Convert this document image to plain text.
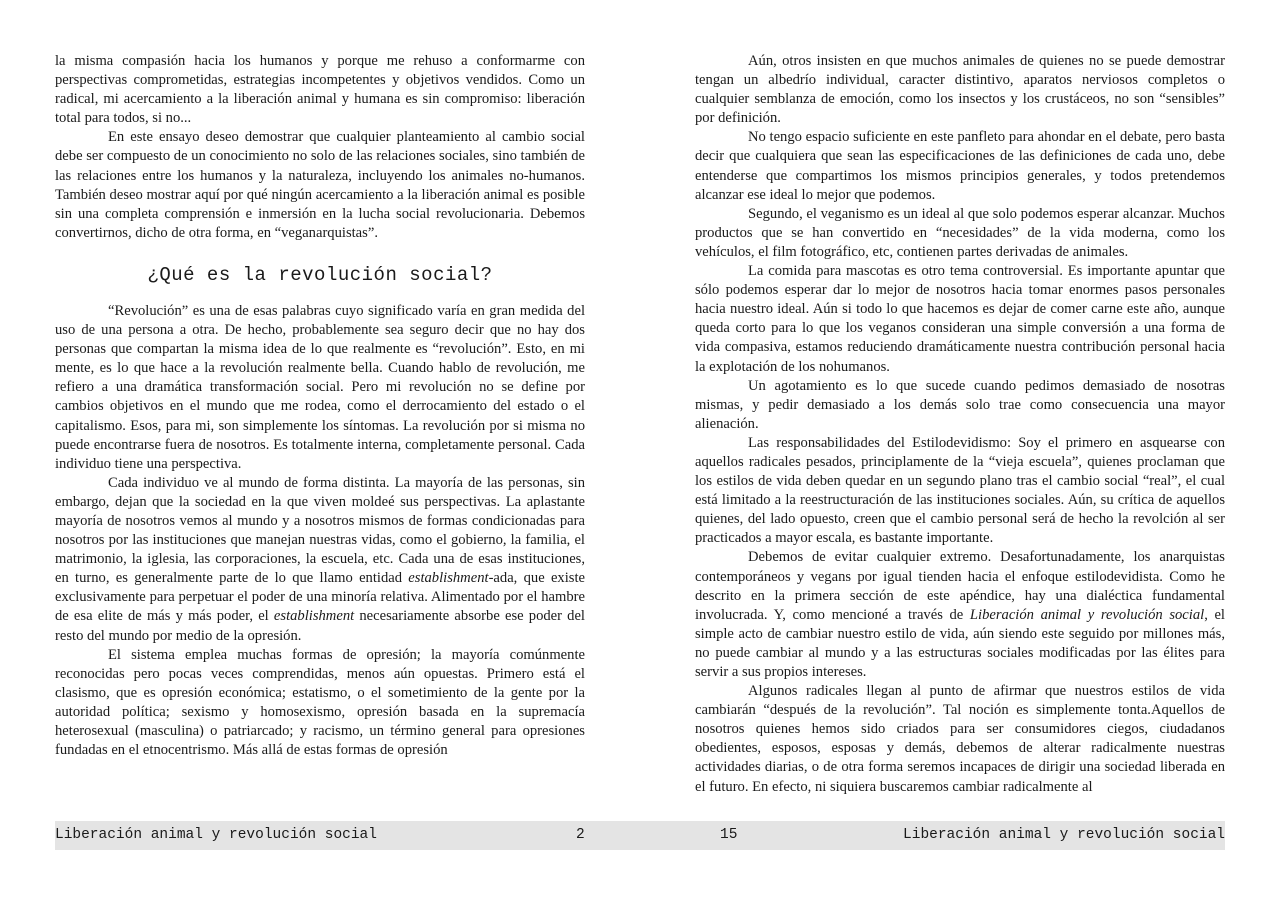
la misma compasión hacia los humanos y porque me rehuso a conformarme con perspectivas comprometidas, estrategias incompetentes y objetivos vendidos. Como un radical, mi acercamiento a la liberación animal y humana es sin compromiso: liberación total para todos, si no...

En este ensayo deseo demostrar que cualquier planteamiento al cambio social debe ser compuesto de un conocimiento no solo de las relaciones sociales, sino también de las relaciones entre los humanos y la naturaleza, incluyendo los animales no-humanos. También deseo mostrar aquí por qué ningún acercamiento a la liberación animal es posible sin una completa comprensión e inmersión en la lucha social revolucionaria. Debemos convertirnos, dicho de otra forma, en “veganarquistas”.

¿Qué es la revolución social?

“Revolución” es una de esas palabras cuyo significado varía en gran medida del uso de una persona a otra. De hecho, probablemente sea seguro decir que no hay dos personas que compartan la misma idea de lo que realmente es “revolución”. Esto, en mi mente, es lo que hace a la revolución realmente bella. Cuando hablo de revolución, me refiero a una dramática transformación social. Pero mi revolución no se define por cambios objetivos en el mundo que me rodea, como el derrocamiento del estado o el capitalismo. Esos, para mi, son simplemente los síntomas. La revolución por si misma no puede encontrarse fuera de nosotros. Es totalmente interna, completamente personal. Cada individuo tiene una perspectiva.

Cada individuo ve al mundo de forma distinta. La mayoría de las personas, sin embargo, dejan que la sociedad en la que viven moldeé sus perspectivas. La aplastante mayoría de nosotros vemos al mundo y a nosotros mismos de formas condicionadas para nosotros por las instituciones que manejan nuestras vidas, como el gobierno, la familia, el matrimonio, la iglesia, las corporaciones, la escuela, etc. Cada una de esas instituciones, en turno, es generalmente parte de lo que llamo entidad establishment-ada, que existe exclusivamente para perpetuar el poder de una minoría relativa. Alimentado por el hambre de esa elite de más y más poder, el establishment necesariamente absorbe ese poder del resto del mundo por medio de la opresión.

El sistema emplea muchas formas de opresión; la mayoría comúnmente reconocidas pero pocas veces comprendidas, menos aún opuestas. Primero está el clasismo, que es opresión económica; estatismo, o el sometimiento de la gente por la autoridad política; sexismo y homosexismo, opresión basada en la supremacía heterosexual (masculina) o patriarcado; y racismo, un término general para opresiones fundadas en el etnocentrismo. Más allá de estas formas de opresión

Aún, otros insisten en que muchos animales de quienes no se puede demostrar tengan un albedrío individual, caracter distintivo, aparatos nerviosos completos o cualquier semblanza de emoción, como los insectos y los crustáceos, no son “sensibles” por definición.

No tengo espacio suficiente en este panfleto para ahondar en el debate, pero basta decir que cualquiera que sean las especificaciones de las definiciones de cada uno, debe entenderse que compartimos los mismos principios generales, y todos pretendemos alcanzar ese ideal lo mejor que podemos.

Segundo, el veganismo es un ideal al que solo podemos esperar alcanzar. Muchos productos que se han convertido en “necesidades” de la vida moderna, como los vehículos, el film fotográfico, etc, contienen partes derivadas de animales.

La comida para mascotas es otro tema controversial. Es importante apuntar que sólo podemos esperar dar lo mejor de nosotros hacia tomar enormes pasos personales hacia nuestro ideal. Aún si todo lo que hacemos es dejar de comer carne este año, aunque queda corto para lo que los veganos consideran una simple conversión a una forma de vida compasiva, estamos reduciendo dramáticamente nuestra contribución personal hacia la explotación de los nohumanos.

Un agotamiento es lo que sucede cuando pedimos demasiado de nosotras mismas, y pedir demasiado a los demás solo trae como consecuencia una mayor alienación.

Las responsabilidades del Estilodevidismo: Soy el primero en asquearse con aquellos radicales pesados, principlamente de la “vieja escuela”, quienes proclaman que los estilos de vida deben quedar en un segundo plano tras el cambio social “real”, el cual está limitado a la reestructuración de las instituciones sociales. Aún, su crítica de aquellos quienes, del lado opuesto, creen que el cambio personal será de hecho la revolción al ser practicados a mayor escala, es bastante importante.

Debemos de evitar cualquier extremo. Desafortunadamente, los anarquistas contemporáneos y vegans por igual tienden hacia el enfoque estilodevidista. Como he descrito en la primera sección de este apéndice, hay una dialéctica fundamental involucrada. Y, como mencioné a través de Liberación animal y revolución social, el simple acto de cambiar nuestro estilo de vida, aún siendo este seguido por millones más, no puede cambiar al mundo y a las estructuras sociales modificadas por las élites para servir a sus propios intereses.

Algunos radicales llegan al punto de afirmar que nuestros estilos de vida cambiarán “después de la revolución”. Tal noción es simplemente tonta.Aquellos de nosotros quienes hemos sido criados para ser consumidores ciegos, ciudadanos obedientes, esposos, esposas y demás, debemos de alterar radicalmente nuestras actividades diarias, o de otra forma seremos incapaces de dirigir una sociedad liberada en el futuro. En efecto, ni siquiera buscaremos cambiar radicalmente al

Liberación animal y revolución social	2	15	Liberación animal y revolución social
